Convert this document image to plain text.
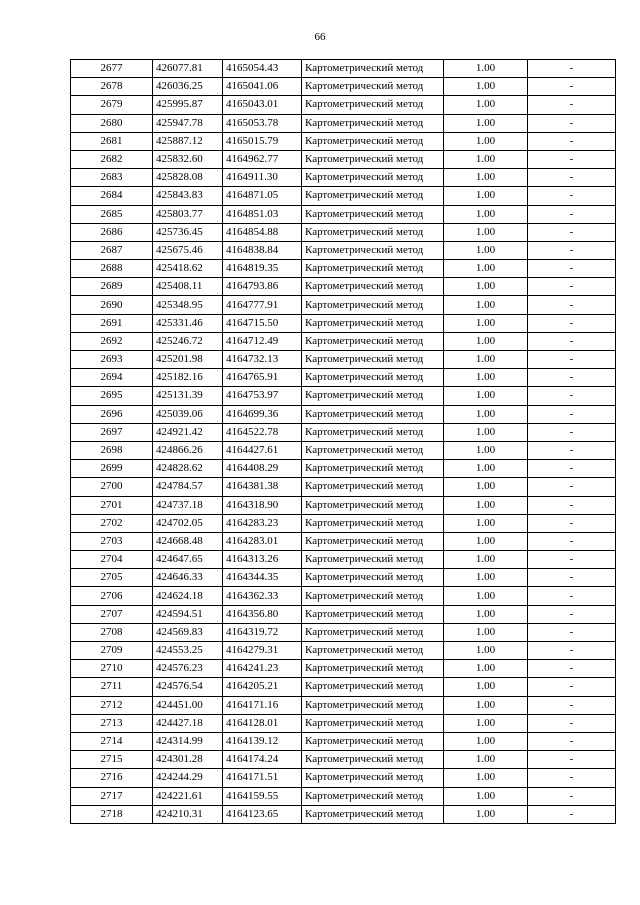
66
2677	426077.81	4165054.43	Картометрический метод	1.00	-
2678	426036.25	4165041.06	Картометрический метод	1.00	-
2679	425995.87	4165043.01	Картометрический метод	1.00	-
2680	425947.78	4165053.78	Картометрический метод	1.00	-
2681	425887.12	4165015.79	Картометрический метод	1.00	-
2682	425832.60	4164962.77	Картометрический метод	1.00	-
2683	425828.08	4164911.30	Картометрический метод	1.00	-
2684	425843.83	4164871.05	Картометрический метод	1.00	-
2685	425803.77	4164851.03	Картометрический метод	1.00	-
2686	425736.45	4164854.88	Картометрический метод	1.00	-
2687	425675.46	4164838.84	Картометрический метод	1.00	-
2688	425418.62	4164819.35	Картометрический метод	1.00	-
2689	425408.11	4164793.86	Картометрический метод	1.00	-
2690	425348.95	4164777.91	Картометрический метод	1.00	-
2691	425331.46	4164715.50	Картометрический метод	1.00	-
2692	425246.72	4164712.49	Картометрический метод	1.00	-
2693	425201.98	4164732.13	Картометрический метод	1.00	-
2694	425182.16	4164765.91	Картометрический метод	1.00	-
2695	425131.39	4164753.97	Картометрический метод	1.00	-
2696	425039.06	4164699.36	Картометрический метод	1.00	-
2697	424921.42	4164522.78	Картометрический метод	1.00	-
2698	424866.26	4164427.61	Картометрический метод	1.00	-
2699	424828.62	4164408.29	Картометрический метод	1.00	-
2700	424784.57	4164381.38	Картометрический метод	1.00	-
2701	424737.18	4164318.90	Картометрический метод	1.00	-
2702	424702.05	4164283.23	Картометрический метод	1.00	-
2703	424668.48	4164283.01	Картометрический метод	1.00	-
2704	424647.65	4164313.26	Картометрический метод	1.00	-
2705	424646.33	4164344.35	Картометрический метод	1.00	-
2706	424624.18	4164362.33	Картометрический метод	1.00	-
2707	424594.51	4164356.80	Картометрический метод	1.00	-
2708	424569.83	4164319.72	Картометрический метод	1.00	-
2709	424553.25	4164279.31	Картометрический метод	1.00	-
2710	424576.23	4164241.23	Картометрический метод	1.00	-
2711	424576.54	4164205.21	Картометрический метод	1.00	-
2712	424451.00	4164171.16	Картометрический метод	1.00	-
2713	424427.18	4164128.01	Картометрический метод	1.00	-
2714	424314.99	4164139.12	Картометрический метод	1.00	-
2715	424301.28	4164174.24	Картометрический метод	1.00	-
2716	424244.29	4164171.51	Картометрический метод	1.00	-
2717	424221.61	4164159.55	Картометрический метод	1.00	-
2718	424210.31	4164123.65	Картометрический метод	1.00	-
